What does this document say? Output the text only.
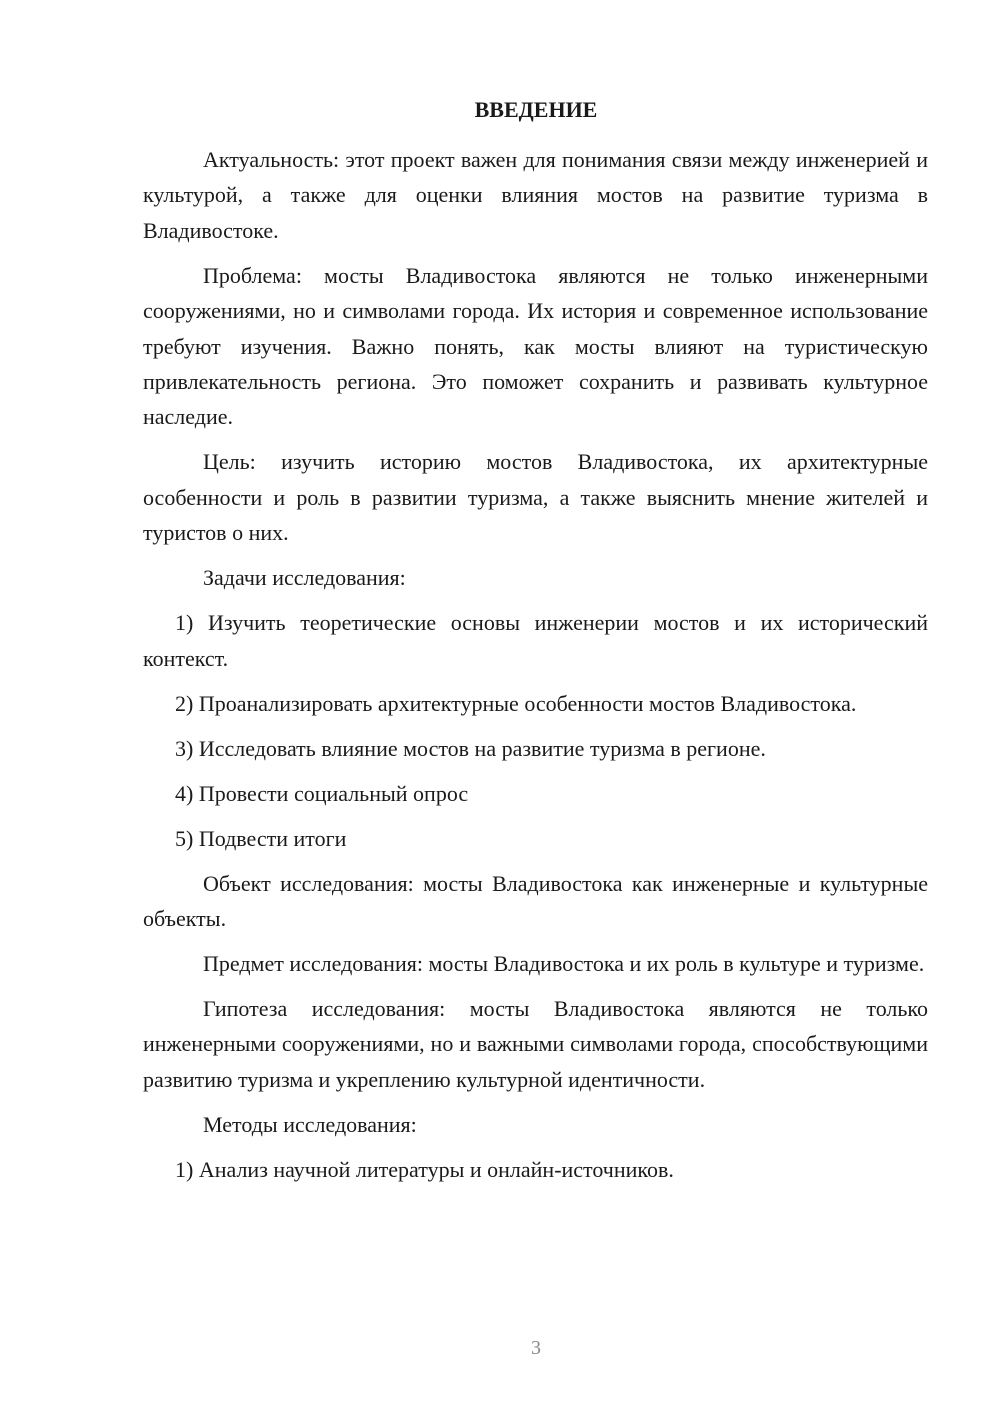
ВВЕДЕНИЕ

Актуальность: этот проект важен для понимания связи между инженерией и культурой, а также для оценки влияния мостов на развитие туризма в Владивостоке.

Проблема: мосты Владивостока являются не только инженерными сооружениями, но и символами города. Их история и современное использование требуют изучения. Важно понять, как мосты влияют на туристическую привлекательность региона. Это поможет сохранить и развивать культурное наследие.

Цель: изучить историю мостов Владивостока, их архитектурные особенности и роль в развитии туризма, а также выяснить мнение жителей и туристов о них.

Задачи исследования:

1) Изучить теоретические основы инженерии мостов и их исторический контекст.

2) Проанализировать архитектурные особенности мостов Владивостока.

3) Исследовать влияние мостов на развитие туризма в регионе.

4) Провести социальный опрос

5) Подвести итоги

Объект исследования: мосты Владивостока как инженерные и культурные объекты.

Предмет исследования: мосты Владивостока и их роль в культуре и туризме.

Гипотеза исследования: мосты Владивостока являются не только инженерными сооружениями, но и важными символами города, способствующими развитию туризма и укреплению культурной идентичности.

Методы исследования:

1) Анализ научной литературы и онлайн-источников.

3
